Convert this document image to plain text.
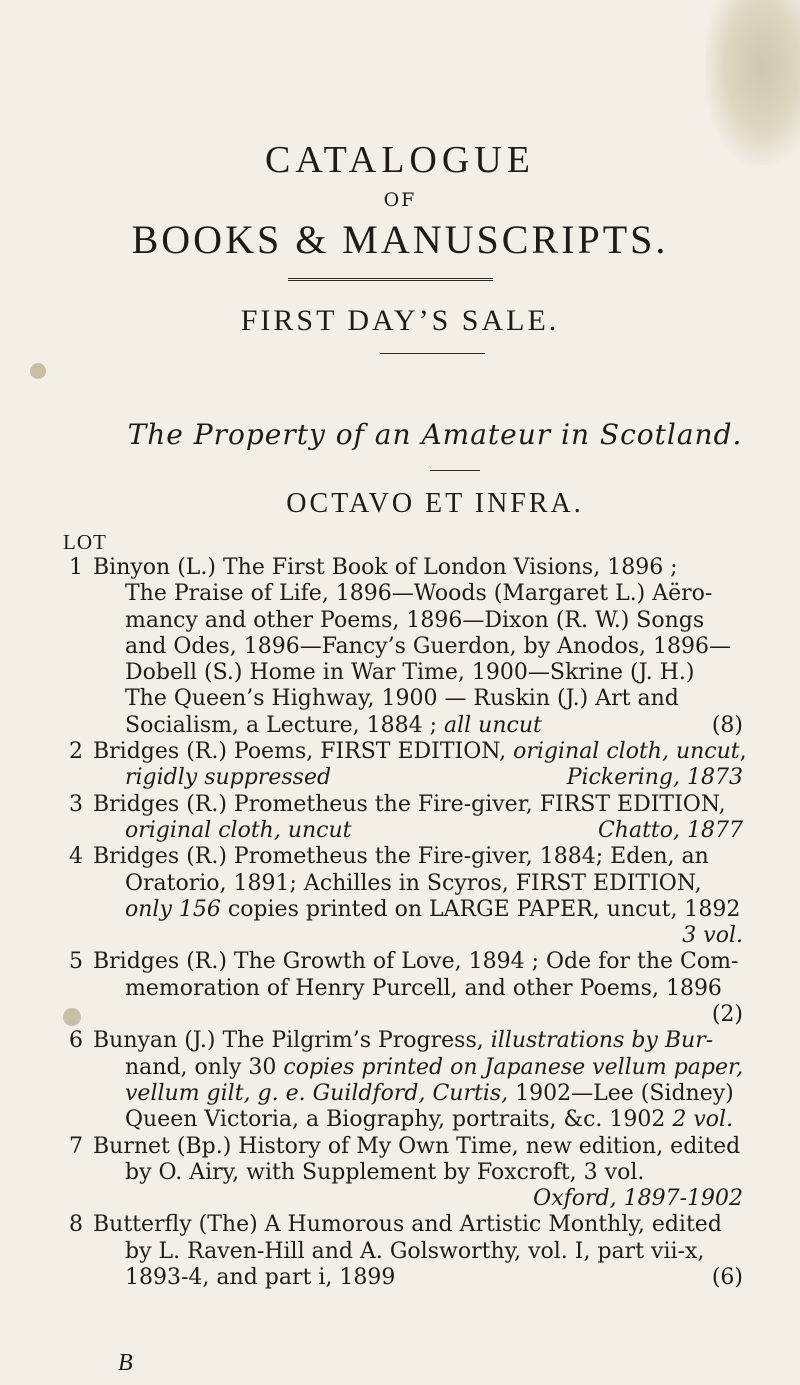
CATALOGUE
OF
BOOKS & MANUSCRIPTS.
FIRST DAY’S SALE.
The Property of an Amateur in Scotland.
OCTAVO ET INFRA.
LOT
1 Binyon (L.) The First Book of London Visions, 1896 ;
The Praise of Life, 1896—Woods (Margaret L.) Aëro-
mancy and other Poems, 1896—Dixon (R. W.) Songs
and Odes, 1896—Fancy’s Guerdon, by Anodos, 1896—
Dobell (S.) Home in War Time, 1900—Skrine (J. H.)
The Queen’s Highway, 1900 — Ruskin (J.) Art and
Socialism, a Lecture, 1884 ; all uncut	(8)
2 Bridges (R.) Poems, FIRST EDITION, original cloth, uncut,
rigidly suppressed	Pickering, 1873
3 Bridges (R.) Prometheus the Fire-giver, FIRST EDITION,
original cloth, uncut	Chatto, 1877
4 Bridges (R.) Prometheus the Fire-giver, 1884; Eden, an
Oratorio, 1891; Achilles in Scyros, FIRST EDITION,
only 156 copies printed on LARGE PAPER, uncut, 1892
3 vol.

5 Bridges (R.) The Growth of Love, 1894 ; Ode for the Com-
memoration of Henry Purcell, and other Poems, 1896
(2)

6 Bunyan (J.) The Pilgrim’s Progress, illustrations by Bur-
nand, only 30 copies printed on Japanese vellum paper,
vellum gilt, g. e. Guildford, Curtis, 1902—Lee (Sidney)
Queen Victoria, a Biography, portraits, &c. 1902 2 vol.
7 Burnet (Bp.) History of My Own Time, new edition, edited
by O. Airy, with Supplement by Foxcroft, 3 vol.
Oxford, 1897-1902

8 Butterfly (The) A Humorous and Artistic Monthly, edited
by L. Raven-Hill and A. Golsworthy, vol. I, part vii-x,
1893-4, and part i, 1899	(6)
B
